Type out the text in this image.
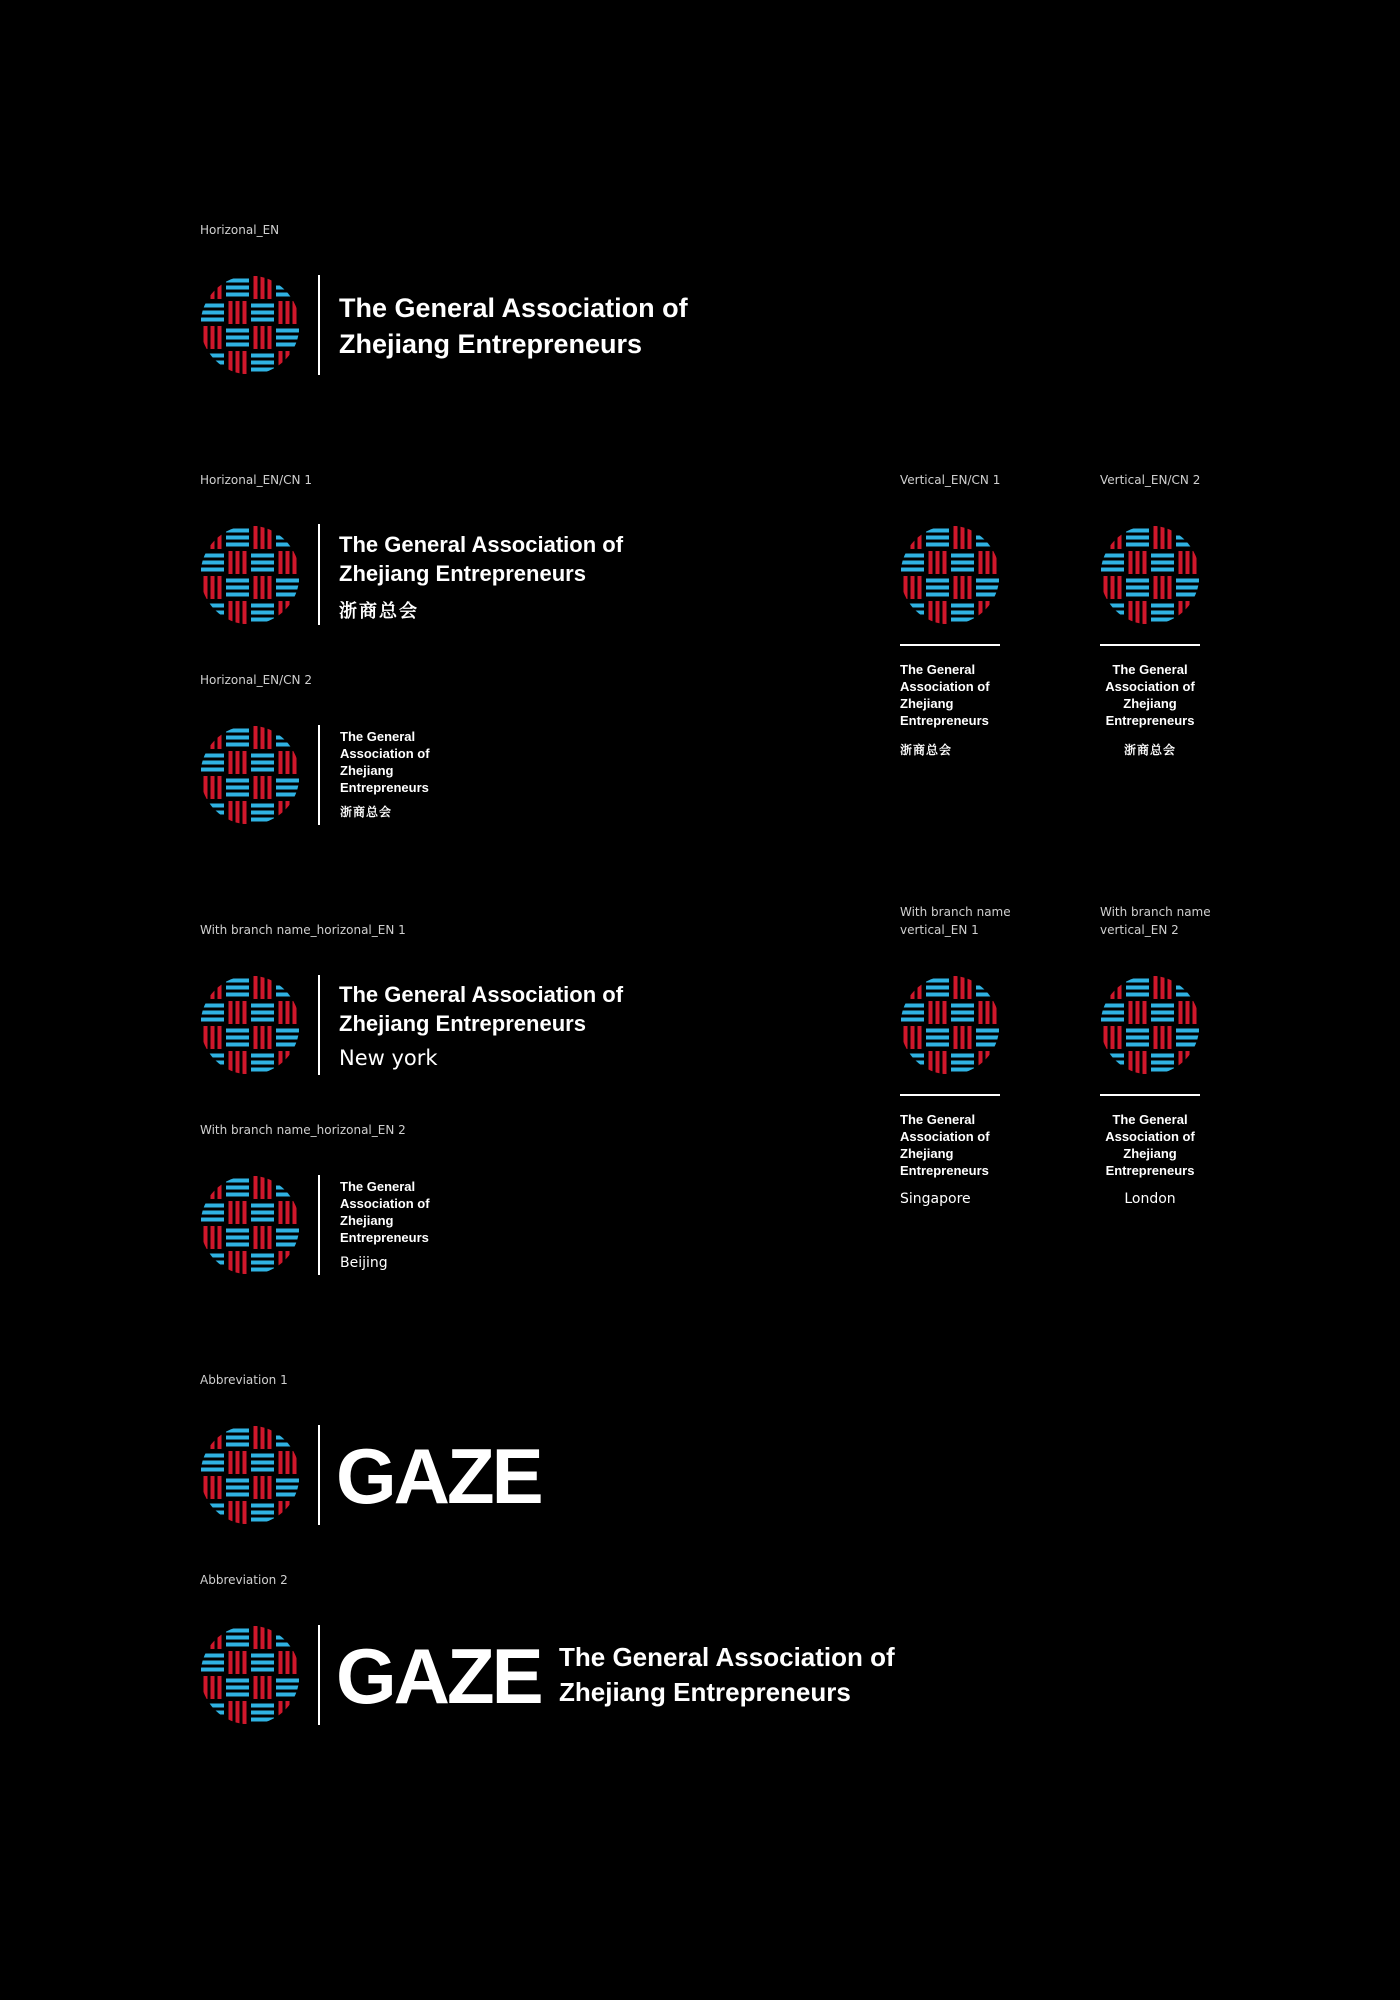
Horizonal_EN
The General Association of
Zhejiang Entrepreneurs
Horizonal_EN/CN 1
The General Association of
Zhejiang Entrepreneurs
浙商总会
Horizonal_EN/CN 2
The General
Association of
Zhejiang
Entrepreneurs
浙商总会
Vertical_EN/CN 1
The General
Association of
Zhejiang
Entrepreneurs
浙商总会
Vertical_EN/CN 2
The General
Association of
Zhejiang
Entrepreneurs
浙商总会
With branch name_horizonal_EN 1
The General Association of
Zhejiang Entrepreneurs
New york
With branch name_horizonal_EN 2
The General
Association of
Zhejiang
Entrepreneurs
Beijing
With branch name
vertical_EN 1
The General
Association of
Zhejiang
Entrepreneurs
Singapore
With branch name
vertical_EN 2
The General
Association of
Zhejiang
Entrepreneurs
London
Abbreviation 1
GAZE
Abbreviation 2
GAZE The General Association of
Zhejiang Entrepreneurs
